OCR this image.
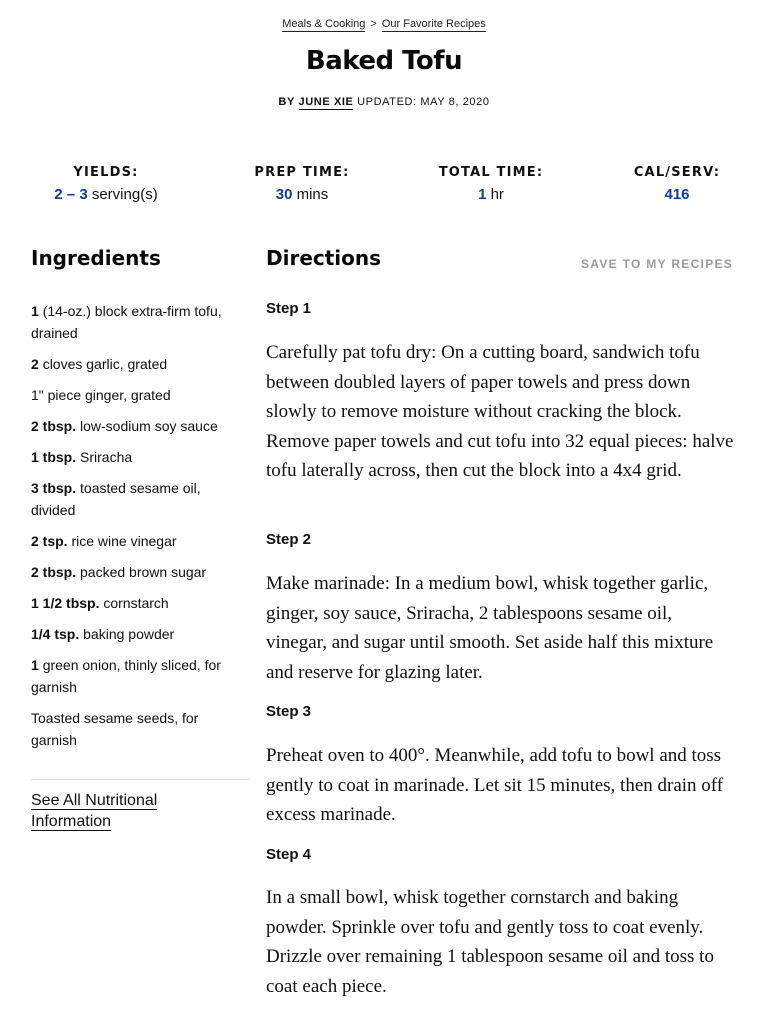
Meals & Cooking > Our Favorite Recipes
Baked Tofu
BY JUNE XIE UPDATED: MAY 8, 2020
YIELDS:
2 – 3 serving(s)
PREP TIME:
30 mins
TOTAL TIME:
1 hr
CAL/SERV:
416
Ingredients
1 (14-oz.) block extra-firm tofu, drained
2 cloves garlic, grated
1" piece ginger, grated
2 tbsp. low-sodium soy sauce
1 tbsp. Sriracha
3 tbsp. toasted sesame oil, divided
2 tsp. rice wine vinegar
2 tbsp. packed brown sugar
1 1/2 tbsp. cornstarch
1/4 tsp. baking powder
1 green onion, thinly sliced, for garnish
Toasted sesame seeds, for garnish
See All Nutritional Information
Directions	SAVE TO MY RECIPES
Step 1

Carefully pat tofu dry: On a cutting board, sandwich tofu between doubled layers of paper towels and press down slowly to remove moisture without cracking the block. Remove paper towels and cut tofu into 32 equal pieces: halve tofu laterally across, then cut the block into a 4x4 grid.

Step 2

Make marinade: In a medium bowl, whisk together garlic, ginger, soy sauce, Sriracha, 2 tablespoons sesame oil, vinegar, and sugar until smooth. Set aside half this mixture and reserve for glazing later.

Step 3

Preheat oven to 400°. Meanwhile, add tofu to bowl and toss gently to coat in marinade. Let sit 15 minutes, then drain off excess marinade.

Step 4

In a small bowl, whisk together cornstarch and baking powder. Sprinkle over tofu and gently toss to coat evenly. Drizzle over remaining 1 tablespoon sesame oil and toss to coat each piece.
